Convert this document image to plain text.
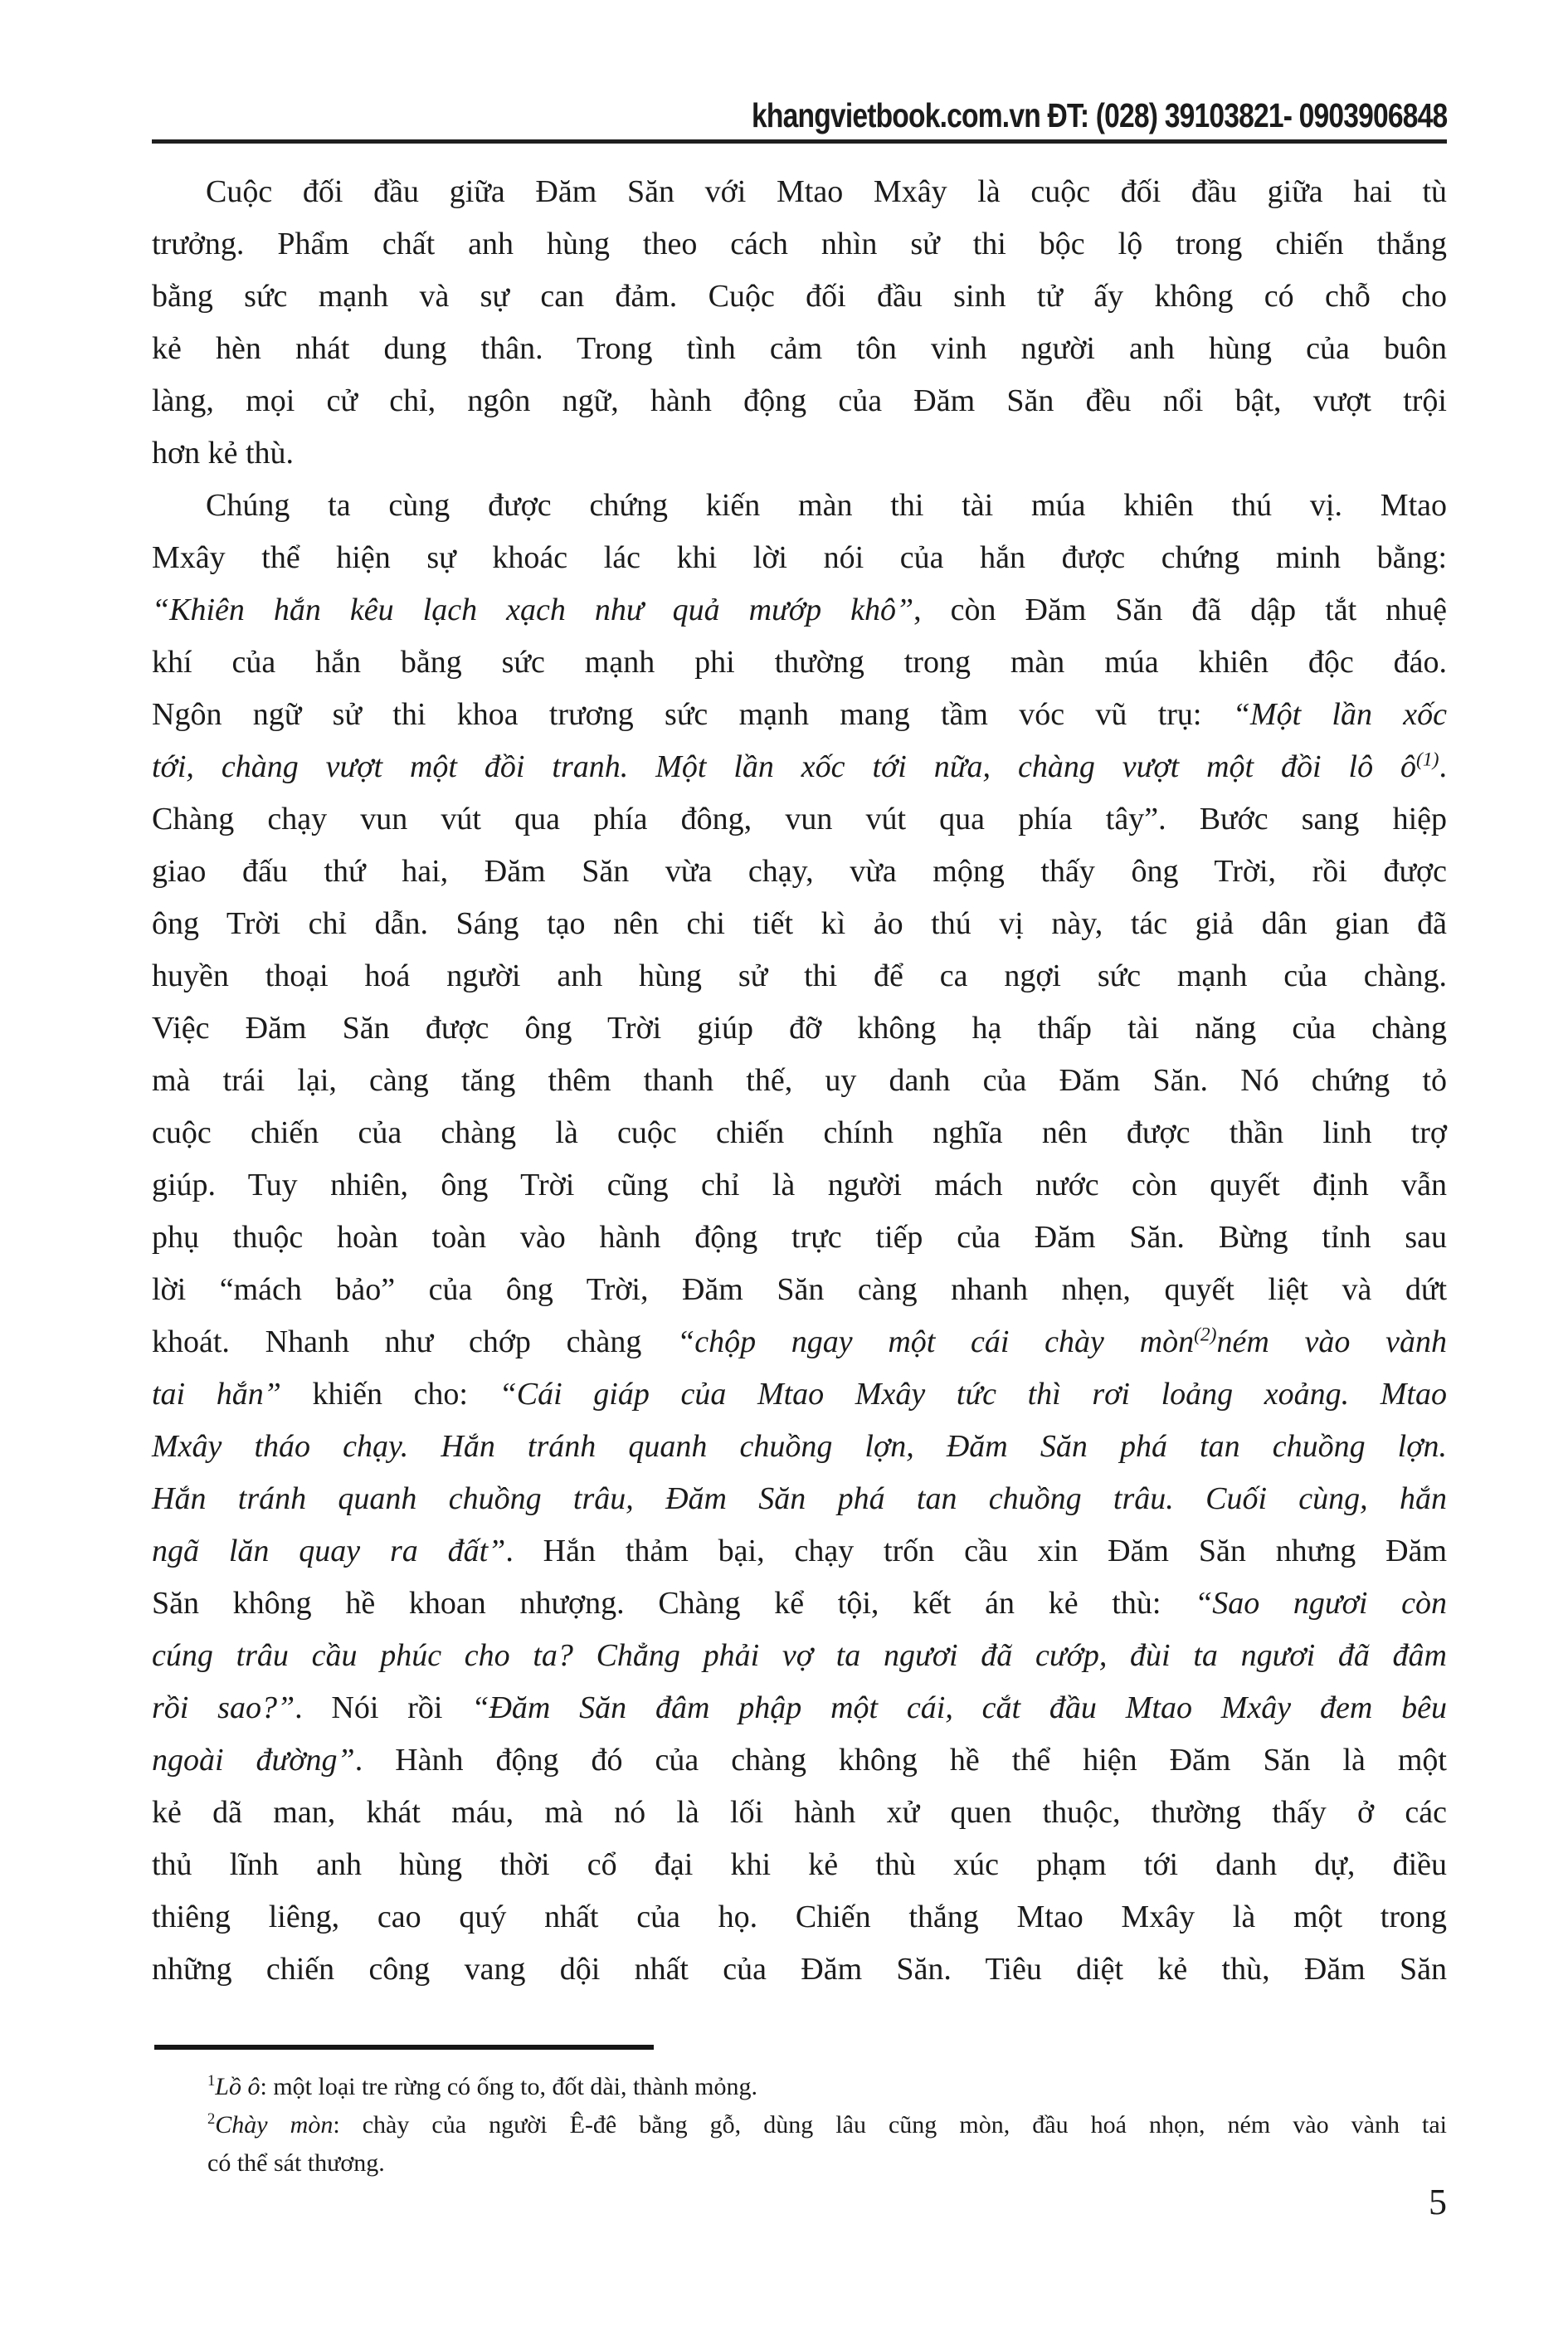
khangvietbook.com.vn ĐT: (028) 39103821- 0903906848
Cuộc đối đầu giữa Đăm Săn với Mtao Mxây là cuộc đối đầu giữa hai tù
trưởng. Phẩm chất anh hùng theo cách nhìn sử thi bộc lộ trong chiến thắng
bằng sức mạnh và sự can đảm. Cuộc đối đầu sinh tử ấy không có chỗ cho
kẻ hèn nhát dung thân. Trong tình cảm tôn vinh người anh hùng của buôn
làng, mọi cử chỉ, ngôn ngữ, hành động của Đăm Săn đều nổi bật, vượt trội
hơn kẻ thù.
Chúng ta cùng được chứng kiến màn thi tài múa khiên thú vị. Mtao
Mxây thể hiện sự khoác lác khi lời nói của hắn được chứng minh bằng:
“Khiên hắn kêu lạch xạch như quả mướp khô”, còn Đăm Săn đã dập tắt nhuệ
khí của hắn bằng sức mạnh phi thường trong màn múa khiên độc đáo.
Ngôn ngữ sử thi khoa trương sức mạnh mang tầm vóc vũ trụ: “Một lần xốc
tới, chàng vượt một đồi tranh. Một lần xốc tới nữa, chàng vượt một đồi lô $ô^{(1)}$.
Chàng chạy vun vút qua phía đông, vun vút qua phía tây”. Bước sang hiệp
giao đấu thứ hai, Đăm Săn vừa chạy, vừa mộng thấy ông Trời, rồi được
ông Trời chỉ dẫn. Sáng tạo nên chi tiết kì ảo thú vị này, tác giả dân gian đã
huyền thoại hoá người anh hùng sử thi để ca ngợi sức mạnh của chàng.
Việc Đăm Săn được ông Trời giúp đỡ không hạ thấp tài năng của chàng
mà trái lại, càng tăng thêm thanh thế, uy danh của Đăm Săn. Nó chứng tỏ
cuộc chiến của chàng là cuộc chiến chính nghĩa nên được thần linh trợ
giúp. Tuy nhiên, ông Trời cũng chỉ là người mách nước còn quyết định vẫn
phụ thuộc hoàn toàn vào hành động trực tiếp của Đăm Săn. Bừng tỉnh sau
lời “mách bảo” của ông Trời, Đăm Săn càng nhanh nhẹn, quyết liệt và dứt
khoát. Nhanh như chớp chàng “chộp ngay một cái chày mòn$^{(2)}$ném vào vành
tai hắn” khiến cho: “Cái giáp của Mtao Mxây tức thì rơi loảng xoảng. Mtao
Mxây tháo chạy. Hắn tránh quanh chuồng lợn, Đăm Săn phá tan chuồng lợn.
Hắn tránh quanh chuồng trâu, Đăm Săn phá tan chuồng trâu. Cuối cùng, hắn
ngã lăn quay ra đất”. Hắn thảm bại, chạy trốn cầu xin Đăm Săn nhưng Đăm
Săn không hề khoan nhượng. Chàng kể tội, kết án kẻ thù: “Sao ngươi còn
cúng trâu cầu phúc cho ta? Chẳng phải vợ ta ngươi đã cướp, đùi ta ngươi đã đâm
rồi sao?”. Nói rồi “Đăm Săn đâm phập một cái, cắt đầu Mtao Mxây đem bêu
ngoài đường”. Hành động đó của chàng không hề thể hiện Đăm Săn là một
kẻ dã man, khát máu, mà nó là lối hành xử quen thuộc, thường thấy ở các
thủ lĩnh anh hùng thời cổ đại khi kẻ thù xúc phạm tới danh dự, điều
thiêng liêng, cao quý nhất của họ. Chiến thắng Mtao Mxây là một trong
những chiến công vang dội nhất của Đăm Săn. Tiêu diệt kẻ thù, Đăm Săn
$^1$Lồ ô: một loại tre rừng có ống to, đốt dài, thành mỏng.
$^2$Chày mòn: chày của người Ê-đê bằng gỗ, dùng lâu cũng mòn, đầu hoá nhọn, ném vào vành tai
có thể sát thương.
5
